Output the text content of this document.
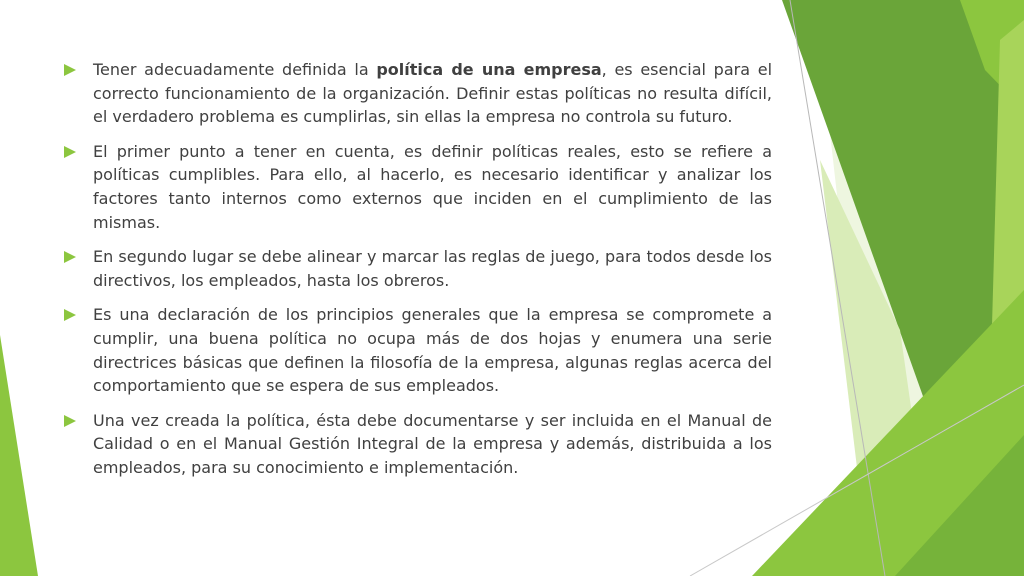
Tener adecuadamente definida la política de una empresa, es esencial para el correcto funcionamiento de la organización. Definir estas políticas no resulta difícil, el verdadero problema es cumplirlas, sin ellas la empresa no controla su futuro.
El primer punto a tener en cuenta, es definir políticas reales, esto se refiere a políticas cumplibles. Para ello, al hacerlo, es necesario identificar y analizar los factores tanto internos como externos que inciden en el cumplimiento de las mismas.
En segundo lugar se debe alinear y marcar las reglas de juego, para todos desde los directivos, los empleados, hasta los obreros.
Es una declaración de los principios generales que la empresa se compromete a cumplir, una buena política no ocupa más de dos hojas y enumera una serie directrices básicas que definen la filosofía de la empresa, algunas reglas acerca del comportamiento que se espera de sus empleados.
Una vez creada la política, ésta debe documentarse y ser incluida en el Manual de Calidad o en el Manual Gestión Integral de la empresa y además, distribuida a los empleados, para su conocimiento e implementación.
